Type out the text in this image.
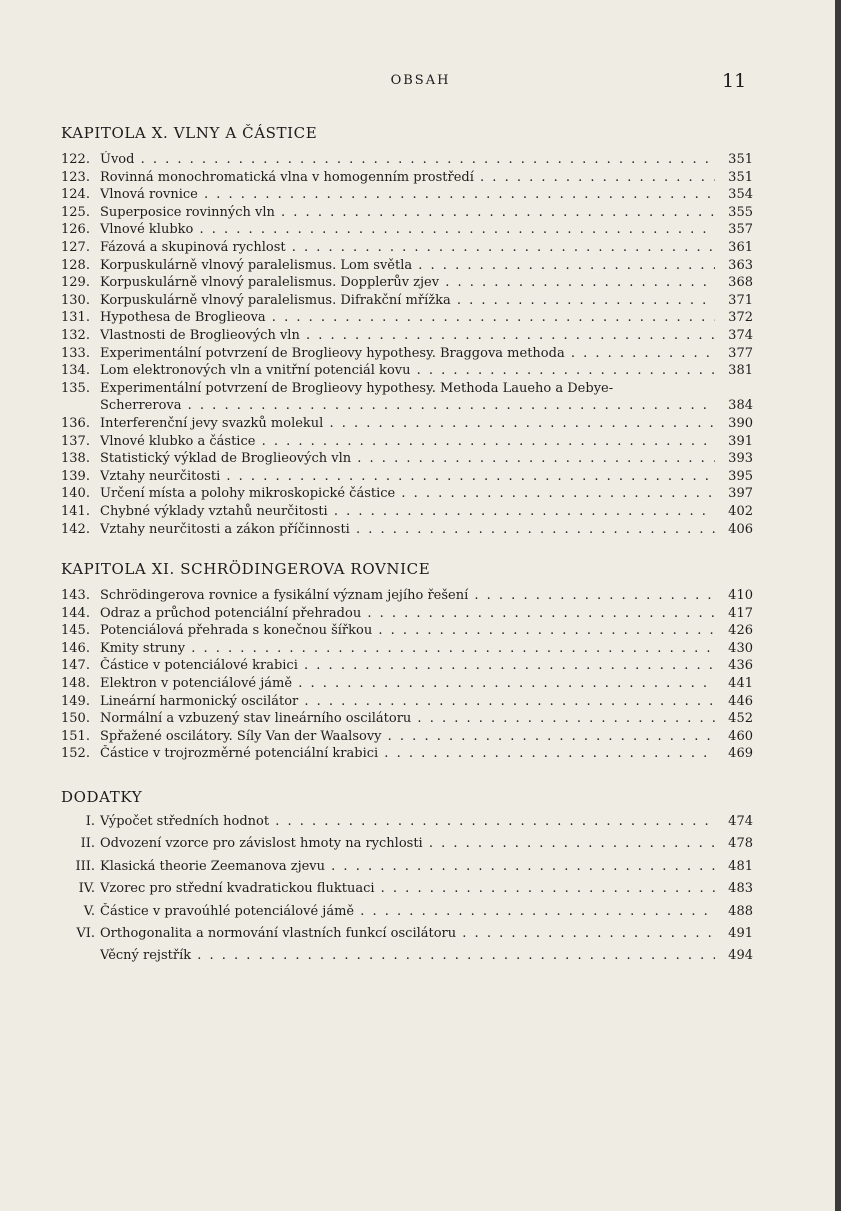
OBSAH	11
KAPITOLA X. VLNY A ČÁSTICE
122. Úvod . . .	351
123. Rovinná monochromatická vlna v homogenním prostředí . . .	351
124. Vlnová rovnice . . .	354
125. Superposice rovinných vln . . .	355
126. Vlnové klubko . . .	357
127. Fázová a skupinová rychlost . . .	361
128. Korpuskulárně vlnový paralelismus. Lom světla . . .	363
129. Korpuskulárně vlnový paralelismus. Dopplerův zjev . . .	368
130. Korpuskulárně vlnový paralelismus. Difrakční mřížka . . .	371
131. Hypothesa de Broglieova . . .	372
132. Vlastnosti de Broglieových vln . . .	374
133. Experimentální potvrzení de Broglieovy hypothesy. Braggova methoda . . .	377
134. Lom elektronových vln a vnitřní potenciál kovu . . .	381
135. Experimentální potvrzení de Broglieovy hypothesy. Methoda Laueho a Debye-
Scherrerova . . .	384
136. Interferenční jevy svazků molekul . . .	390
137. Vlnové klubko a částice . . .	391
138. Statistický výklad de Broglieových vln . . .	393
139. Vztahy neurčitosti . . .	395
140. Určení místa a polohy mikroskopické částice . . .	397
141. Chybné výklady vztahů neurčitosti . . .	402
142. Vztahy neurčitosti a zákon příčinnosti . . .	406
KAPITOLA XI. SCHRÖDINGEROVA ROVNICE
143. Schrödingerova rovnice a fysikální význam jejího řešení . . .	410
144. Odraz a průchod potenciální přehradou . . .	417
145. Potenciálová přehrada s konečnou šířkou . . .	426
146. Kmity struny . . .	430
147. Částice v potenciálové krabici . . .	436
148. Elektron v potenciálové jámě . . .	441
149. Lineární harmonický oscilátor . . .	446
150. Normální a vzbuzený stav lineárního oscilátoru . . .	452
151. Spřažené oscilátory. Síly Van der Waalsovy . . .	460
152. Částice v trojrozměrné potenciální krabici . . .	469
DODATKY
I. Výpočet středních hodnot . . .	474
II. Odvození vzorce pro závislost hmoty na rychlosti . . .	478
III. Klasická theorie Zeemanova zjevu . . .	481
IV. Vzorec pro střední kvadratickou fluktuaci . . .	483
V. Částice v pravoúhlé potenciálové jámě . . .	488
VI. Orthogonalita a normování vlastních funkcí oscilátoru . . .	491
Věcný rejstřík . . .	494
